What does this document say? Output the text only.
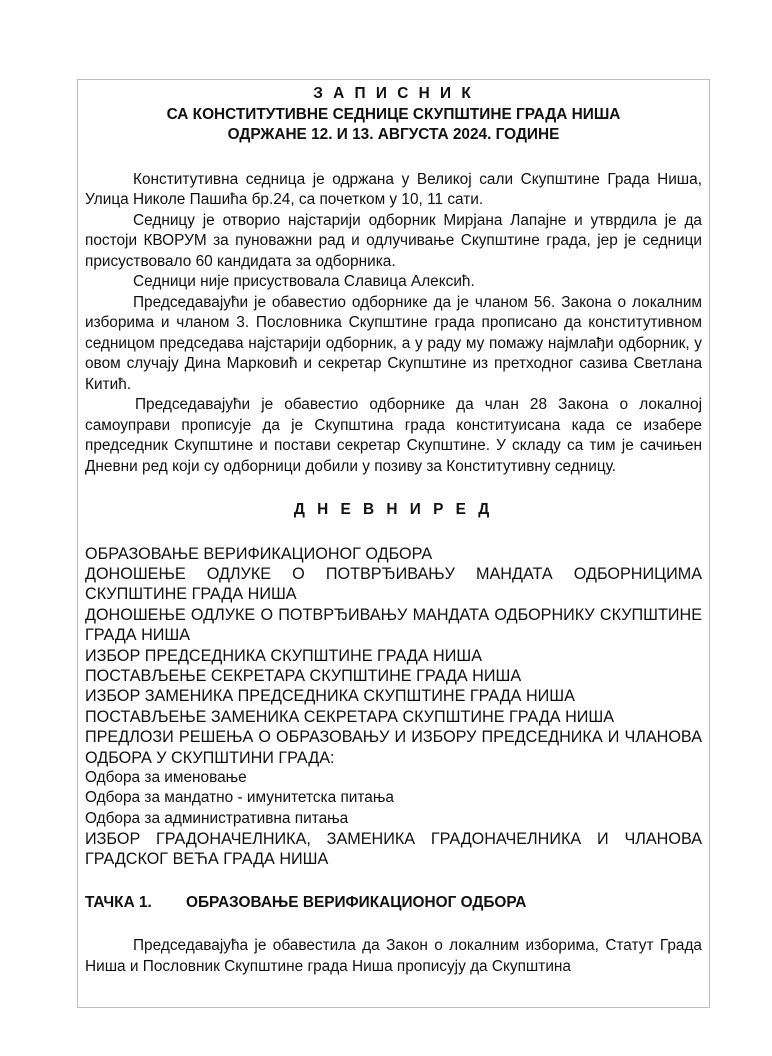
З А П И С Н И К
СА КОНСТИТУТИВНЕ СЕДНИЦЕ СКУПШТИНЕ ГРАДА НИША
ОДРЖАНЕ 12. И 13. АВГУСТА 2024. ГОДИНЕ

Конститутивна седница је одржана у Великој сали Скупштине Града Ниша, Улица Николе Пашића бр.24, са почетком у 10, 11 сати.

Седницу је отворио најстарији одборник Мирјана Лапајне и утврдила је да постоји КВОРУМ за пуноважни рад и одлучивање Скупштине града, јер је седници присуствовало 60 кандидата за одборника.

Седници није присуствовала Славица Алексић.

Председавајући је обавестио одборнике да је чланом 56. Закона о локалним изборима и чланом 3. Пословника Скупштине града прописано да конститутивном седницом председава најстарији одборник, а у раду му помажу најмлађи одборник, у овом случају Дина Марковић и секретар Скупштине из претходног сазива Светлана Китић.

Председавајући је обавестио одборнике да члан 28 Закона о локалној самоуправи прописује да је Скупштина града конституисана када се изабере председник Скупштине и постави секретар Скупштине. У складу са тим је сачињен Дневни ред који су одборници добили у позиву за Конститутивну седницу.

Д Н Е В Н И Р Е Д
ОБРАЗОВАЊЕ ВЕРИФИКАЦИОНОГ ОДБОРА
ДОНОШЕЊЕ ОДЛУКЕ О ПОТВРЂИВАЊУ МАНДАТА ОДБОРНИЦИМА СКУПШТИНЕ ГРАДА НИША
ДОНОШЕЊЕ ОДЛУКЕ О ПОТВРЂИВАЊУ МАНДАТА ОДБОРНИКУ СКУПШТИНЕ ГРАДА НИША
ИЗБОР ПРЕДСЕДНИКА СКУПШТИНЕ ГРАДА НИША
ПОСТАВЉЕЊЕ СЕКРЕТАРА СКУПШТИНЕ ГРАДА НИША
ИЗБОР ЗАМЕНИКА ПРЕДСЕДНИКА СКУПШТИНЕ ГРАДА НИША
ПОСТАВЉЕЊЕ ЗАМЕНИКА СЕКРЕТАРА СКУПШТИНЕ ГРАДА НИША
ПРЕДЛОЗИ РЕШЕЊА О ОБРАЗОВАЊУ И ИЗБОРУ ПРЕДСЕДНИКА И ЧЛАНОВА ОДБОРА У СКУПШТИНИ ГРАДА:
Одбора за именовање
Одбора за мандатно - имунитетска питања
Одбора за административна питања
ИЗБОР ГРАДОНАЧЕЛНИКА, ЗАМЕНИКА ГРАДОНАЧЕЛНИКА И ЧЛАНОВА ГРАДСКОГ ВЕЋА ГРАДА НИША
ТАЧКА 1.	ОБРАЗОВАЊЕ ВЕРИФИКАЦИОНОГ ОДБОРА

Председавајућа је обавестила да Закон о локалним изборима, Статут Града Ниша и Пословник Скупштине града Ниша прописују да Скупштина
